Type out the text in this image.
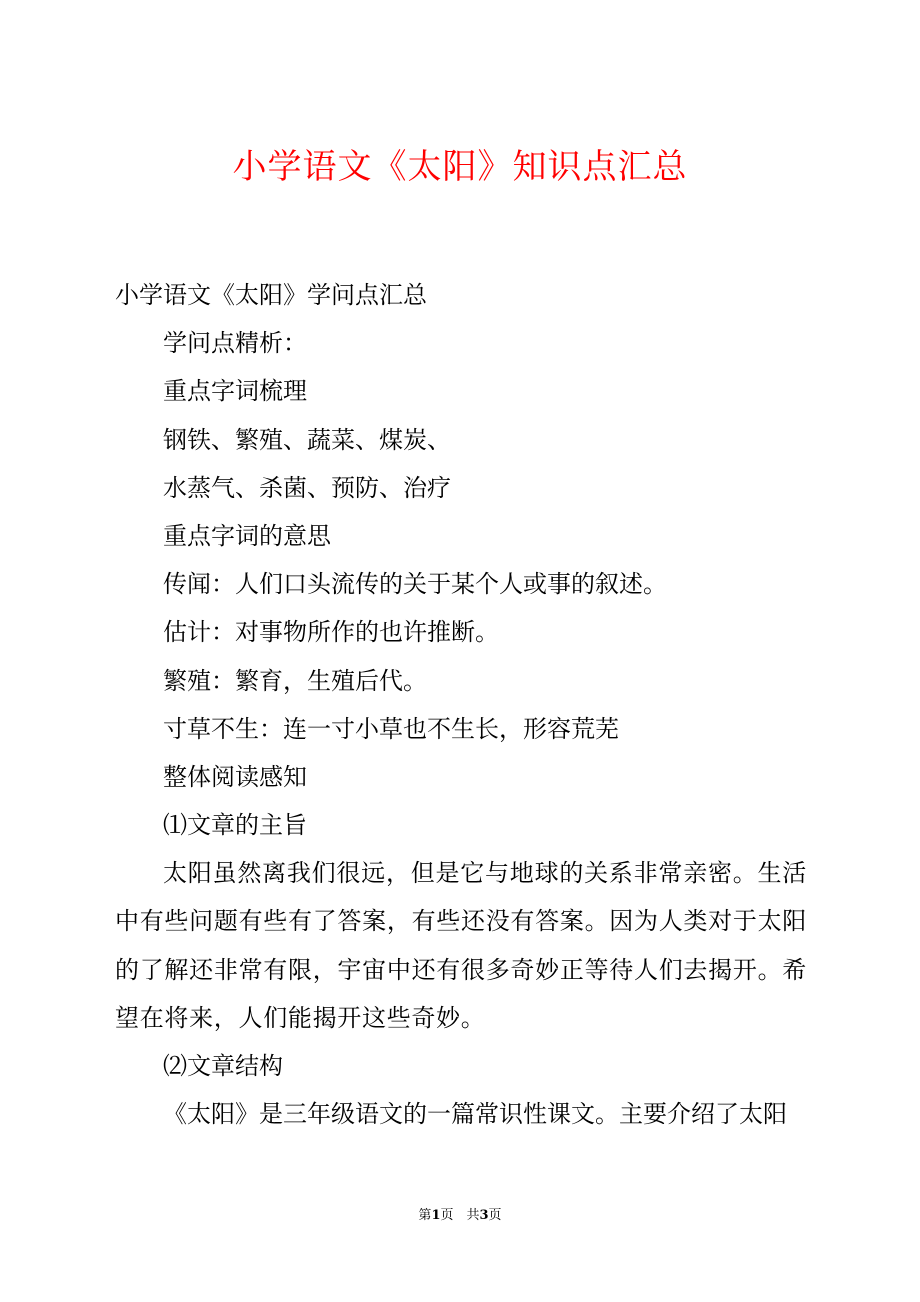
小学语文《太阳》知识点汇总

小学语文《太阳》学问点汇总

学问点精析：

重点字词梳理

钢铁、繁殖、蔬菜、煤炭、

水蒸气、杀菌、预防、治疗

重点字词的意思

传闻：人们口头流传的关于某个人或事的叙述。

估计：对事物所作的也许推断。

繁殖：繁育，生殖后代。

寸草不生：连一寸小草也不生长，形容荒芜

整体阅读感知

⑴文章的主旨

太阳虽然离我们很远，但是它与地球的关系非常亲密。生活中有些问题有些有了答案，有些还没有答案。因为人类对于太阳的了解还非常有限，宇宙中还有很多奇妙正等待人们去揭开。希望在将来，人们能揭开这些奇妙。

⑵文章结构

《太阳》是三年级语文的一篇常识性课文。主要介绍了太阳

第1页　共3页
